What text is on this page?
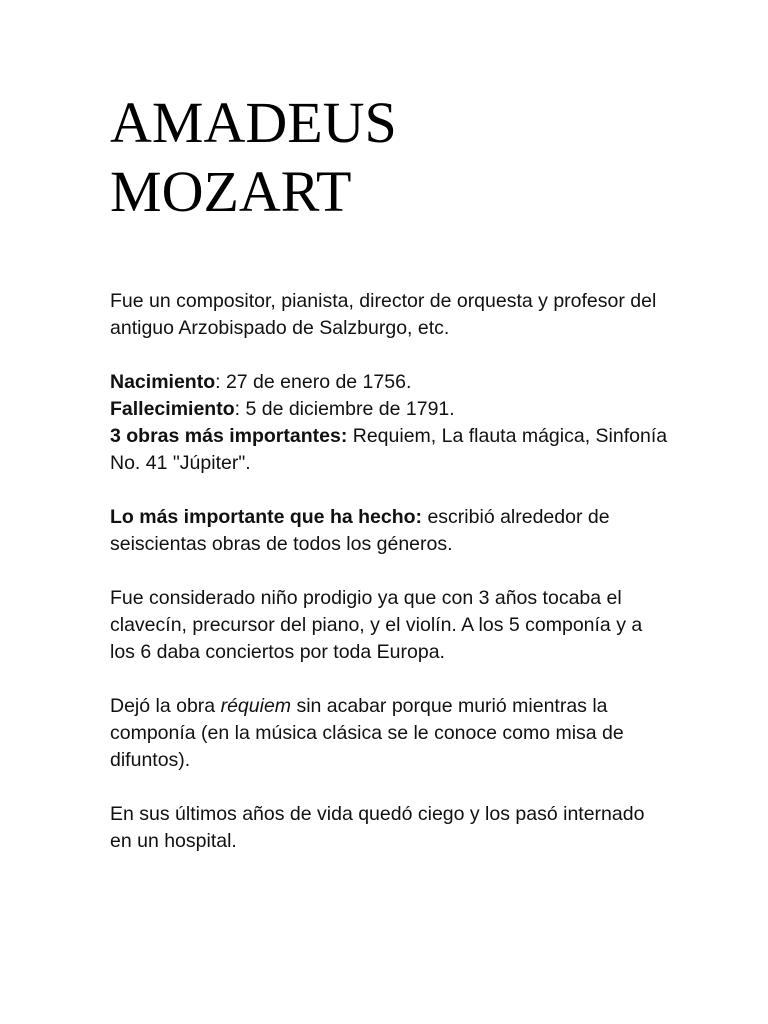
AMADEUS
MOZART

Fue un compositor, pianista, director de orquesta y profesor del antiguo Arzobispado de Salzburgo, etc.

Nacimiento: 27 de enero de 1756.
Fallecimiento: 5 de diciembre de 1791.
3 obras más importantes: Requiem, La flauta mágica, Sinfonía No. 41 "Júpiter".

Lo más importante que ha hecho: escribió alrededor de seiscientas obras de todos los géneros.

Fue considerado niño prodigio ya que con 3 años tocaba el clavecín, precursor del piano, y el violín. A los 5 componía y a los 6 daba conciertos por toda Europa.

Dejó la obra réquiem sin acabar porque murió mientras la componía (en la música clásica se le conoce como misa de difuntos).

En sus últimos años de vida quedó ciego y los pasó internado en un hospital.
